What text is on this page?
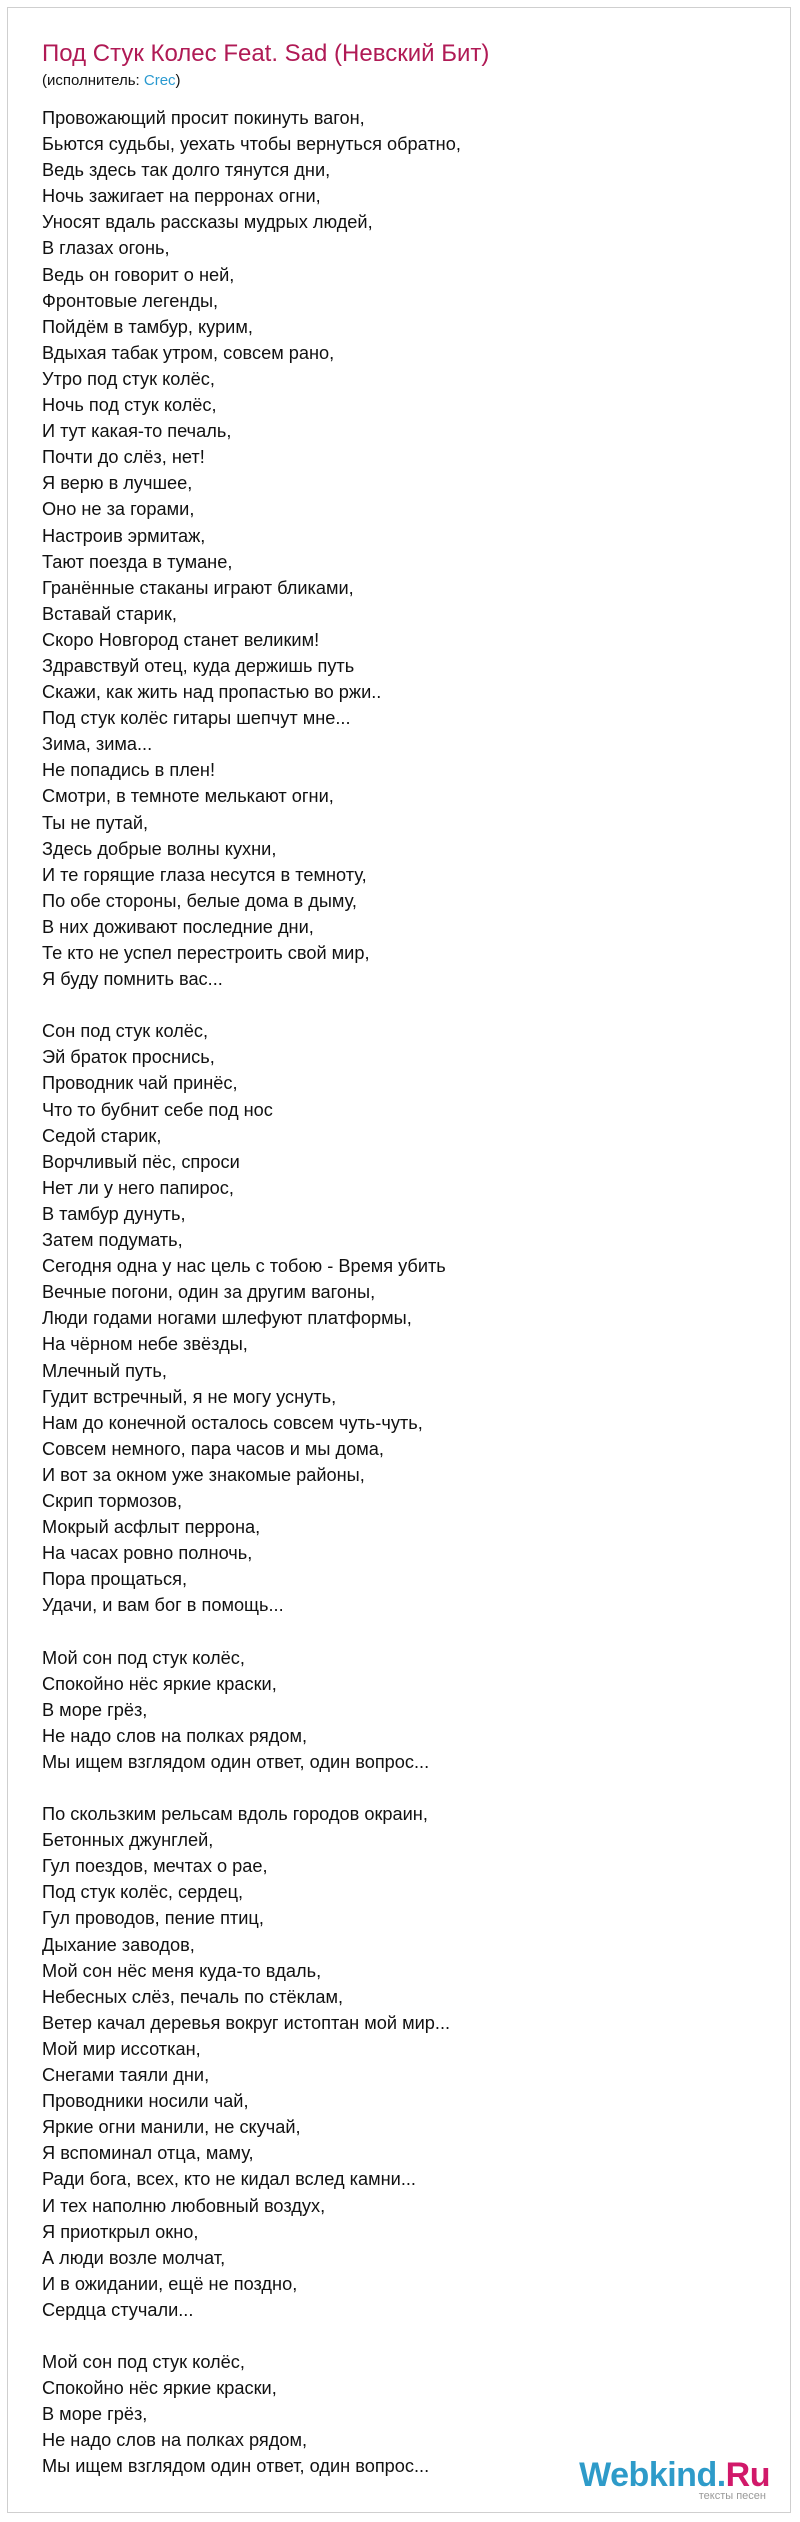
Под Стук Колес Feat. Sad (Невский Бит)
(исполнитель: Crec)
Провожающий просит покинуть вагон,
Бьются судьбы, уехать чтобы вернуться обратно,
Ведь здесь так долго тянутся дни,
Ночь зажигает на перронах огни,
Уносят вдаль рассказы мудрых людей,
В глазах огонь,
Ведь он говорит о ней,
Фронтовые легенды,
Пойдём в тамбур, курим,
Вдыхая табак утром, совсем рано,
Утро под стук колёс,
Ночь под стук колёс,
И тут какая-то печаль,
Почти до слёз, нет!
Я верю в лучшее,
Оно не за горами,
Настроив эрмитаж,
Тают поезда в тумане,
Гранённые стаканы играют бликами,
Вставай старик,
Скоро Новгород станет великим!
Здравствуй отец, куда держишь путь
Скажи, как жить над пропастью во ржи..
Под стук колёс гитары шепчут мне...
Зима, зима...
Не попадись в плен!
Смотри, в темноте мелькают огни,
Ты не путай,
Здесь добрые волны кухни,
И те горящие глаза несутся в темноту,
По обе стороны, белые дома в дыму,
В них доживают последние дни,
Те кто не успел перестроить свой мир,
Я буду помнить вас...

Сон под стук колёс,
Эй браток проснись,
Проводник чай принёс,
Что то бубнит себе под нос
Седой старик,
Ворчливый пёс, спроси
Нет ли у него папирос,
В тамбур дунуть,
Затем подумать,
Сегодня одна у нас цель с тобою - Время убить
Вечные погони, один за другим вагоны,
Люди годами ногами шлефуют платформы,
На чёрном небе звёзды,
Млечный путь,
Гудит встречный, я не могу уснуть,
Нам до конечной осталось совсем чуть-чуть,
Совсем немного, пара часов и мы дома,
И вот за окном уже знакомые районы,
Скрип тормозов,
Мокрый асфлыт перрона,
На часах ровно полночь,
Пора прощаться,
Удачи, и вам бог в помощь...

Мой сон под стук колёс,
Спокойно нёс яркие краски,
В море грёз,
Не надо слов на полках рядом,
Мы ищем взглядом один ответ, один вопрос...

По скользким рельсам вдоль городов окраин,
Бетонных джунглей,
Гул поездов, мечтах о рае,
Под стук колёс, сердец,
Гул проводов, пение птиц,
Дыхание заводов,
Мой сон нёс меня куда-то вдаль,
Небесных слёз, печаль по стёклам,
Ветер качал деревья вокруг истоптан мой мир...
Мой мир иссоткан,
Снегами таяли дни,
Проводники носили чай,
Яркие огни манили, не скучай,
Я вспоминал отца, маму,
Ради бога, всех, кто не кидал вслед камни...
И тех наполню любовный воздух,
Я приоткрыл окно,
А люди возле молчат,
И в ожидании, ещё не поздно,
Сердца стучали...

Мой сон под стук колёс,
Спокойно нёс яркие краски,
В море грёз,
Не надо слов на полках рядом,
Мы ищем взглядом один ответ, один вопрос...	Webkind.Ru
тексты песен
